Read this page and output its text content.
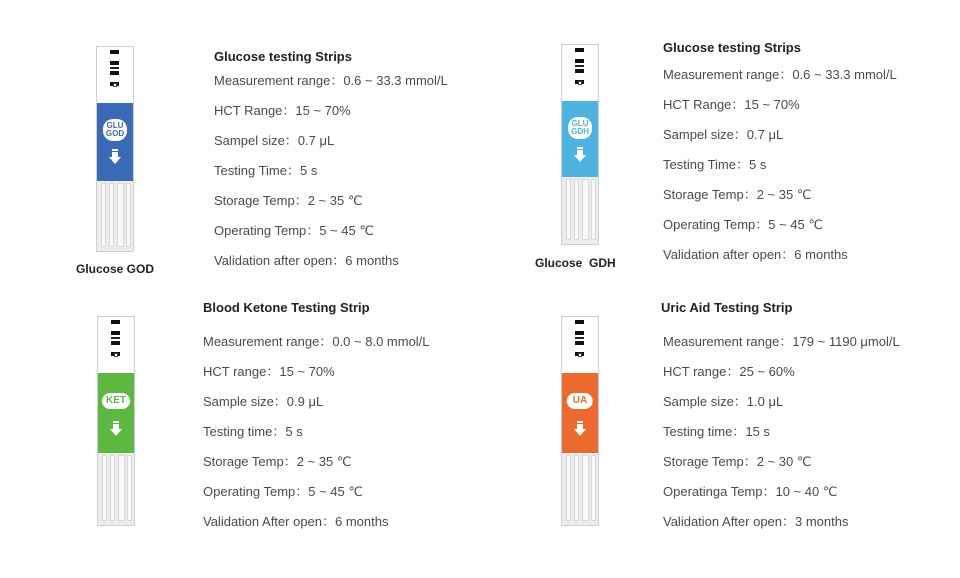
GLU
GOD
Glucose GOD
Glucose testing Strips
Measurement range：0.6 ~ 33.3 mmol/L
HCT Range：15 ~ 70%
Sampel size：0.7 μL
Testing Time：5 s
Storage Temp：2 ~ 35 ℃
Operating Temp：5 ~ 45 ℃
Validation after open：6 months
GLU
GDH
Glucose  GDH
Glucose testing Strips
Measurement range：0.6 ~ 33.3 mmol/L
HCT Range：15 ~ 70%
Sampel size：0.7 μL
Testing Time：5 s
Storage Temp：2 ~ 35 ℃
Operating Temp：5 ~ 45 ℃
Validation after open：6 months
KET
Blood Ketone Testing Strip
Measurement range：0.0 ~ 8.0 mmol/L
HCT range：15 ~ 70%
Sample size：0.9 μL
Testing time：5 s
Storage Temp：2 ~ 35 ℃
Operating Temp：5 ~ 45 ℃
Validation After open：6 months
UA
Uric Aid Testing Strip
Measurement range：179 ~ 1190 μmol/L
HCT range：25 ~ 60%
Sample size：1.0 μL
Testing time：15 s
Storage Temp：2 ~ 30 ℃
Operatinga Temp：10 ~ 40 ℃
Validation After open：3 months
